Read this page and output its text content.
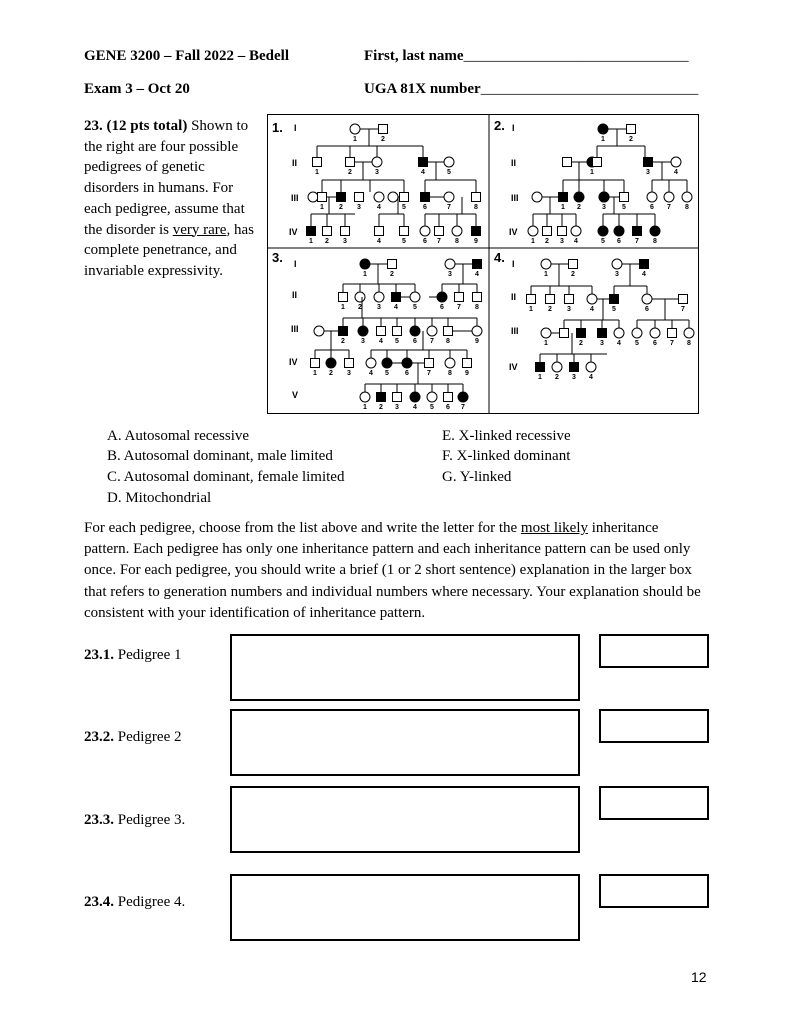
GENE 3200 – Fall 2022 – Bedell	First, last name______________________________
Exam 3 – Oct 20	UGA 81X number_____________________________
23. (12 pts total) Shown to the right are four possible pedigrees of genetic disorders in humans. For each pedigree, assume that the disorder is very rare, has complete penetrance, and invariable expressivity.
1	2
1	2	3	4	5
2
1	3 4	5 6	7	8
1 2 3	4	5 6 7 8 9
1	2
1	3	4
1 2	3 5	6 7 8
1 2 3 4	5 6 7 8
1	2	3	4
1 2 3 4 5	6 7 8
2 3 4 5 6 7 8	9
1 2 3	4 5 6	7 8 9
1 2 3 4 5 6 7
1	2	3	4
1 2 3	4	5	6	7
1	2 3 4 5 6 7 8
1 2 3 4
1. I
II
III
IV
2. I
II
III
IV
3. I
II
III
IV
V
4. I
II
III
IV
A. Autosomal recessive
B. Autosomal dominant, male limited
C. Autosomal dominant, female limited
D. Mitochondrial
E. X-linked recessive
F. X-linked dominant
G. Y-linked
For each pedigree, choose from the list above and write the letter for the most likely inheritance pattern. Each pedigree has only one inheritance pattern and each inheritance pattern can be used only once. For each pedigree, you should write a brief (1 or 2 short sentence) explanation in the larger box that refers to generation numbers and individual numbers where necessary. Your explanation should be consistent with your identification of inheritance pattern.
23.1. Pedigree 1
23.2. Pedigree 2
23.3. Pedigree 3.
23.4. Pedigree 4.
12
